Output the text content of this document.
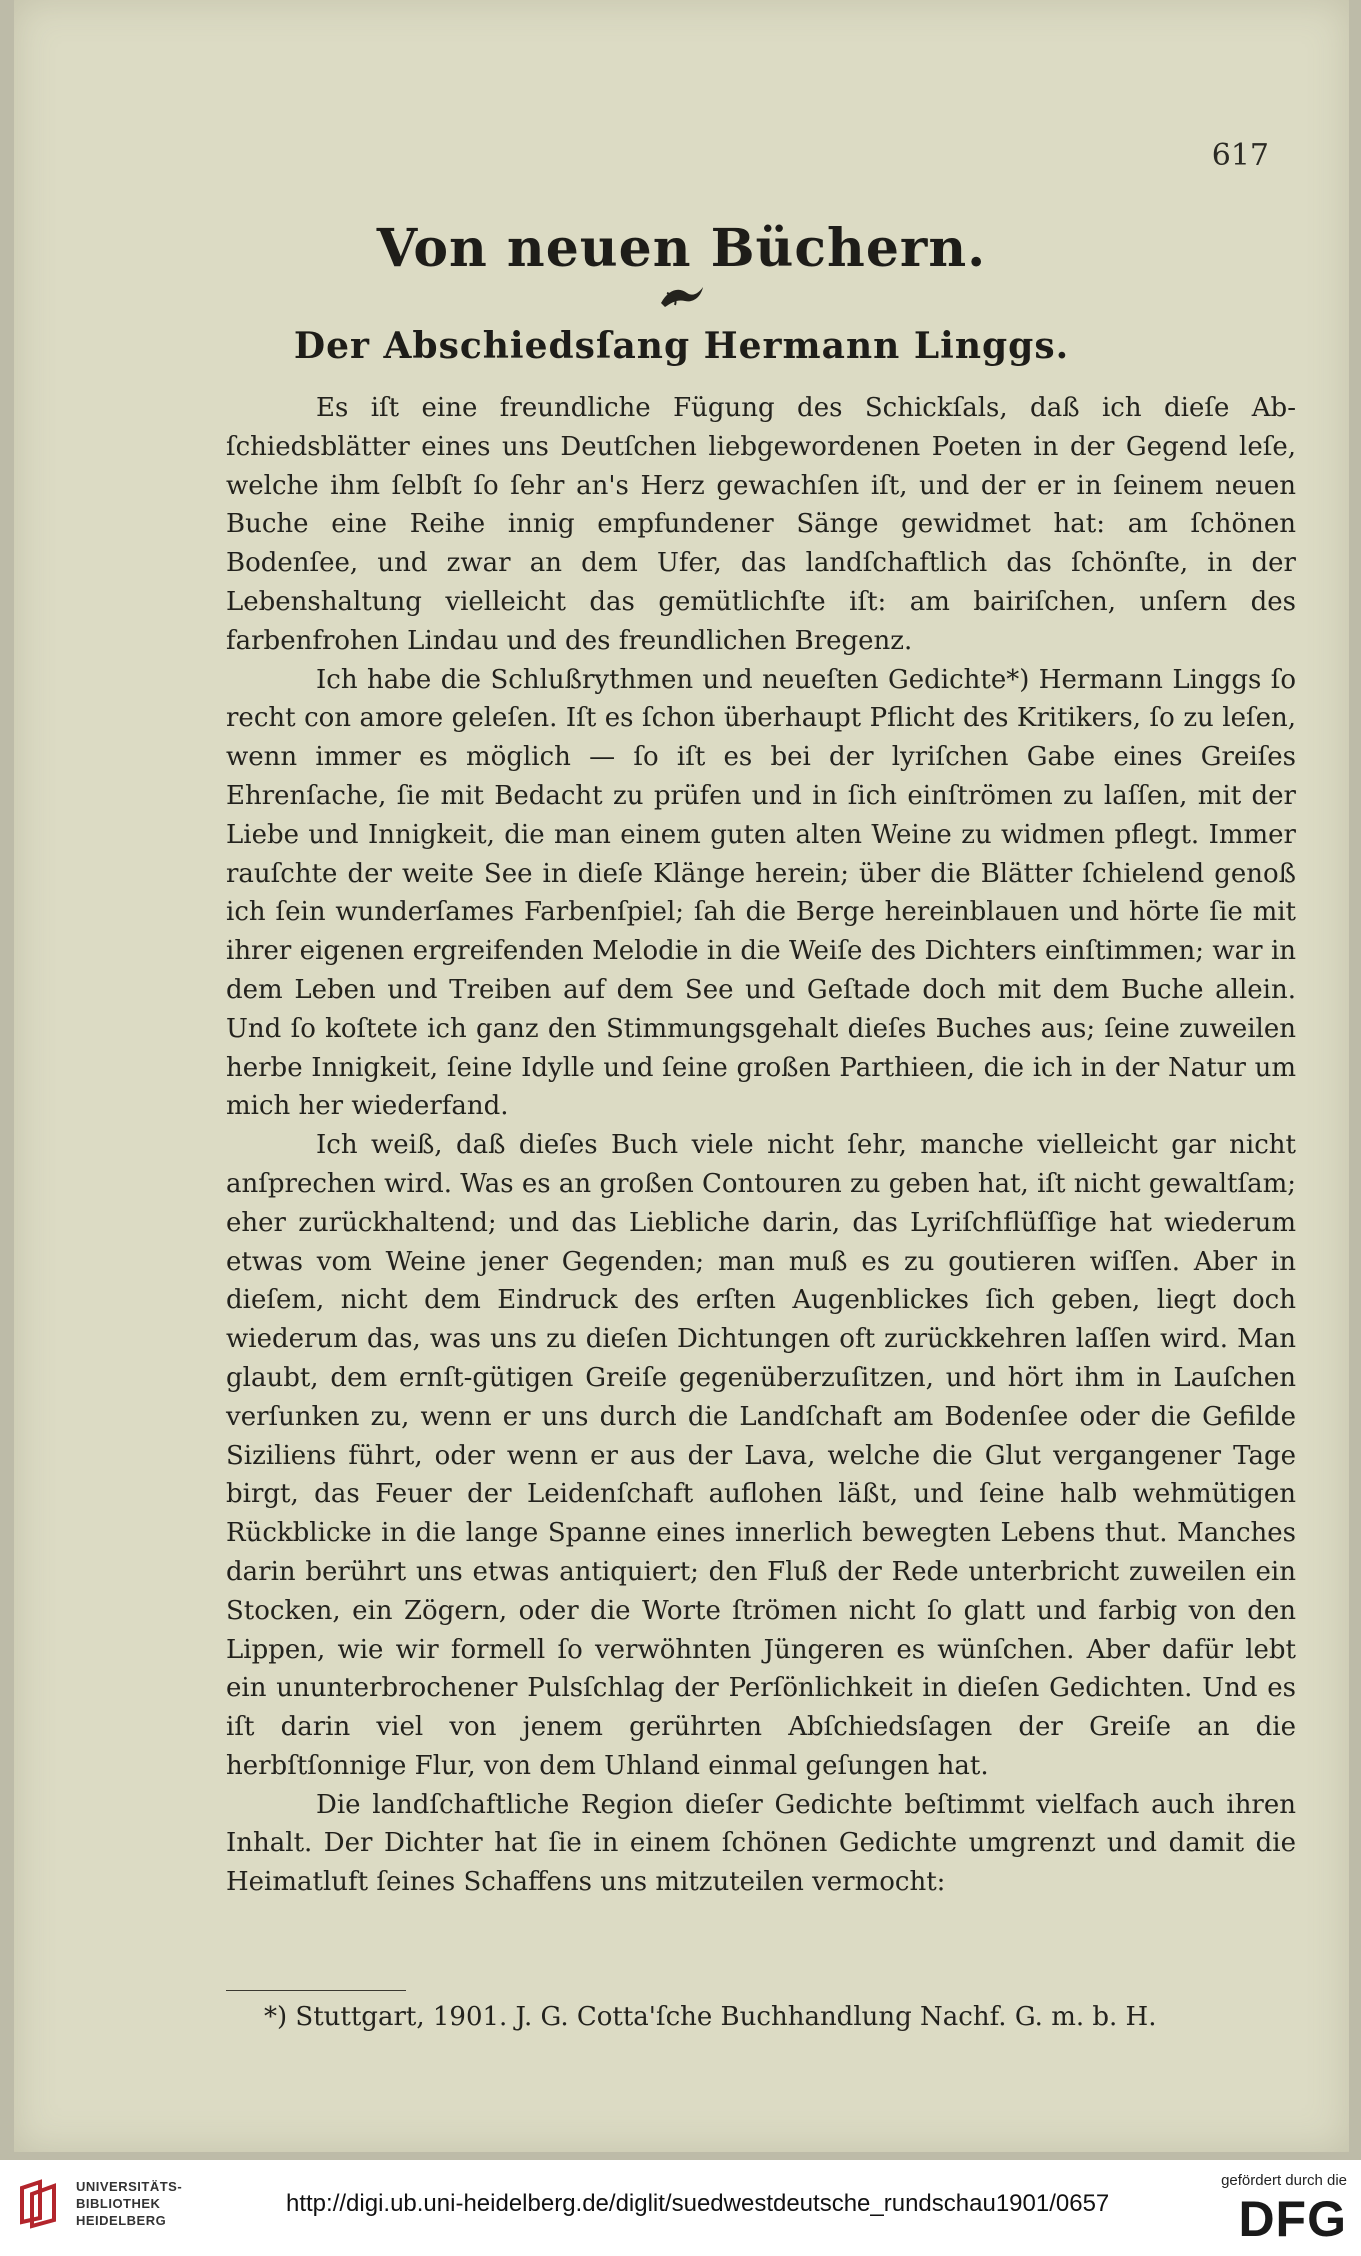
617
Von neuen Büchern.
Der Abschiedsſang Hermann Linggs.

Es iſt eine freundliche Fügung des Schickſals, daß ich dieſe Abſchiedsblätter eines uns Deutſchen liebgewordenen Poeten in der Gegend leſe, welche ihm ſelbſt ſo ſehr an's Herz gewachſen iſt, und der er in ſeinem neuen Buche eine Reihe innig empfundener Sänge gewidmet hat: am ſchönen Bodenſee, und zwar an dem Ufer, das landſchaftlich das ſchönſte, in der Lebenshaltung vielleicht das gemütlichſte iſt: am bairiſchen, unſern des farbenfrohen Lindau und des freundlichen Bregenz.

Ich habe die Schlußrythmen und neueſten Gedichte*) Hermann Linggs ſo recht con amore geleſen. Iſt es ſchon überhaupt Pflicht des Kritikers, ſo zu leſen, wenn immer es möglich — ſo iſt es bei der lyriſchen Gabe eines Greiſes Ehrenſache, ſie mit Bedacht zu prüfen und in ſich einſtrömen zu laſſen, mit der Liebe und Innigkeit, die man einem guten alten Weine zu widmen pflegt. Immer rauſchte der weite See in dieſe Klänge herein; über die Blätter ſchielend genoß ich ſein wunderſames Farbenſpiel; ſah die Berge hereinblauen und hörte ſie mit ihrer eigenen ergreifenden Melodie in die Weiſe des Dichters einſtimmen; war in dem Leben und Treiben auf dem See und Geſtade doch mit dem Buche allein. Und ſo koſtete ich ganz den Stimmungsgehalt dieſes Buches aus; ſeine zuweilen herbe Innigkeit, ſeine Idylle und ſeine großen Parthieen, die ich in der Natur um mich her wiederfand.

Ich weiß, daß dieſes Buch viele nicht ſehr, manche vielleicht gar nicht anſprechen wird. Was es an großen Contouren zu geben hat, iſt nicht gewaltſam; eher zurückhaltend; und das Liebliche darin, das Lyriſchflüſſige hat wiederum etwas vom Weine jener Gegenden; man muß es zu goutieren wiſſen. Aber in dieſem, nicht dem Eindruck des erſten Augenblickes ſich geben, liegt doch wiederum das, was uns zu dieſen Dichtungen oft zurückkehren laſſen wird. Man glaubt, dem ernſt-gütigen Greiſe gegenüberzuſitzen, und hört ihm in Lauſchen verſunken zu, wenn er uns durch die Landſchaft am Bodenſee oder die Gefilde Siziliens führt, oder wenn er aus der Lava, welche die Glut vergangener Tage birgt, das Feuer der Leidenſchaft auflohen läßt, und ſeine halb wehmütigen Rückblicke in die lange Spanne eines innerlich bewegten Lebens thut. Manches darin berührt uns etwas antiquiert; den Fluß der Rede unterbricht zuweilen ein Stocken, ein Zögern, oder die Worte ſtrömen nicht ſo glatt und farbig von den Lippen, wie wir formell ſo verwöhnten Jüngeren es wünſchen. Aber dafür lebt ein ununterbrochener Pulsſchlag der Perſönlichkeit in dieſen Gedichten. Und es iſt darin viel von jenem gerührten Abſchiedsſagen der Greiſe an die herbſtſonnige Flur, von dem Uhland einmal geſungen hat.

Die landſchaftliche Region dieſer Gedichte beſtimmt vielfach auch ihren Inhalt. Der Dichter hat ſie in einem ſchönen Gedichte umgrenzt und damit die Heimatluft ſeines Schaffens uns mitzuteilen vermocht:

*) Stuttgart, 1901. J. G. Cotta'ſche Buchhandlung Nachf. G. m. b. H.
UNIVERSITÄTS-
BIBLIOTHEK
HEIDELBERG
http://digi.ub.uni-heidelberg.de/diglit/suedwestdeutsche_rundschau1901/0657
gefördert durch die
DFG
